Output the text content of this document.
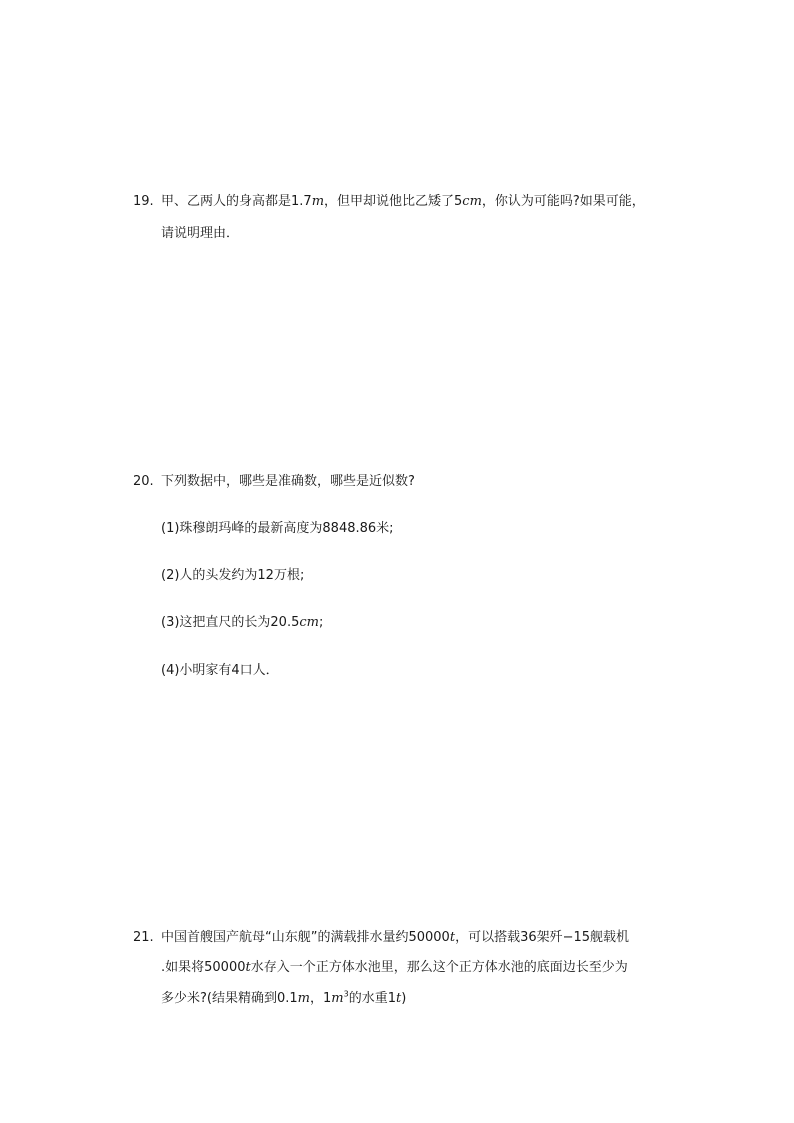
19. 甲、乙两人的身高都是1.7m，但甲却说他比乙矮了5cm，你认为可能吗?如果可能，
请说明理由．
20. 下列数据中，哪些是准确数，哪些是近似数?
(1)珠穆朗玛峰的最新高度为8848.86米;
(2)人的头发约为12万根;
(3)这把直尺的长为20.5cm;
(4)小明家有4口人．
21. 中国首艘国产航母“山东舰”的满载排水量约50000t，可以搭载36架歼−15舰载机
.如果将50000t水存入一个正方体水池里，那么这个正方体水池的底面边长至少为
多少米?(结果精确到0.1m，$1m^3$的水重1t)
